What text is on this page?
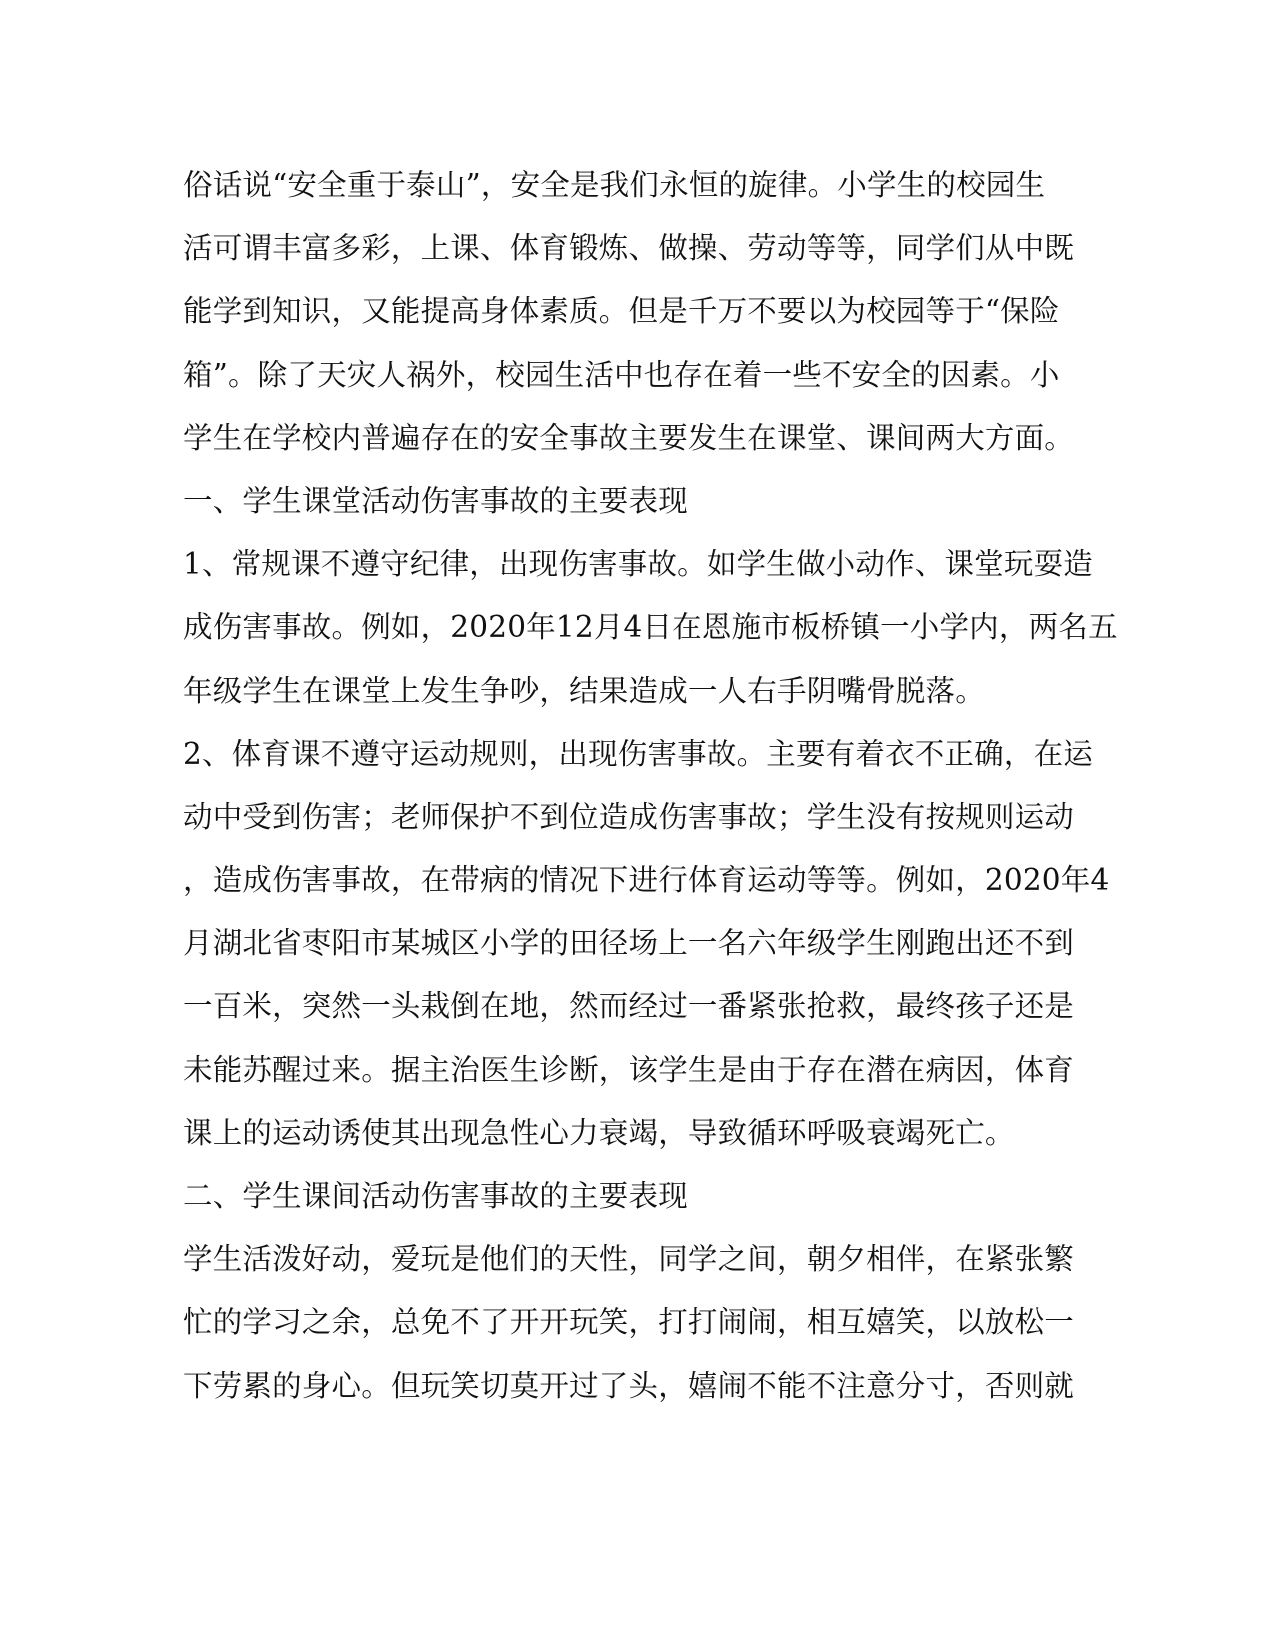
俗话说“安全重于泰山”，安全是我们永恒的旋律。小学生的校园生
活可谓丰富多彩，上课、体育锻炼、做操、劳动等等，同学们从中既
能学到知识，又能提高身体素质。但是千万不要以为校园等于“保险
箱”。除了天灾人祸外，校园生活中也存在着一些不安全的因素。小
学生在学校内普遍存在的安全事故主要发生在课堂、课间两大方面。
一、学生课堂活动伤害事故的主要表现
1、常规课不遵守纪律，出现伤害事故。如学生做小动作、课堂玩耍造
成伤害事故。例如，2020年12月4日在恩施市板桥镇一小学内，两名五
年级学生在课堂上发生争吵，结果造成一人右手阴嘴骨脱落。
2、体育课不遵守运动规则，出现伤害事故。主要有着衣不正确，在运
动中受到伤害；老师保护不到位造成伤害事故；学生没有按规则运动
，造成伤害事故，在带病的情况下进行体育运动等等。例如，2020年4
月湖北省枣阳市某城区小学的田径场上一名六年级学生刚跑出还不到
一百米，突然一头栽倒在地，然而经过一番紧张抢救，最终孩子还是
未能苏醒过来。据主治医生诊断，该学生是由于存在潜在病因，体育
课上的运动诱使其出现急性心力衰竭，导致循环呼吸衰竭死亡。
二、学生课间活动伤害事故的主要表现
学生活泼好动，爱玩是他们的天性，同学之间，朝夕相伴，在紧张繁
忙的学习之余，总免不了开开玩笑，打打闹闹，相互嬉笑，以放松一
下劳累的身心。但玩笑切莫开过了头，嬉闹不能不注意分寸，否则就
